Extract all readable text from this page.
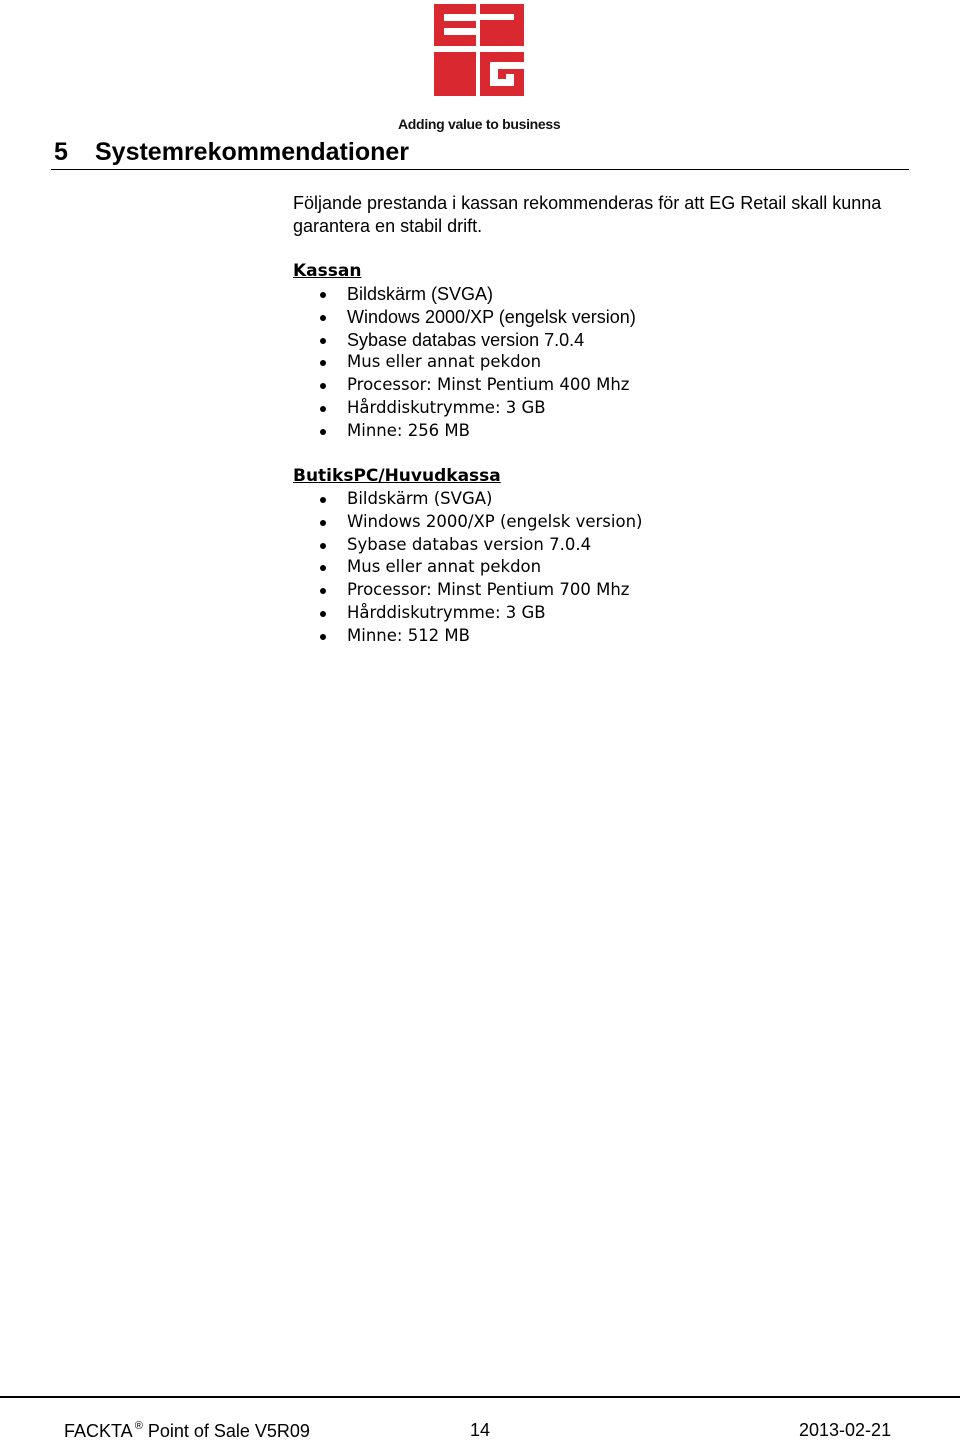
Adding value to business
5 Systemrekommendationer

Följande prestanda i kassan rekommenderas för att EG Retail skall kunna garantera en stabil drift.

Kassan

Bildskärm (SVGA)
Windows 2000/XP (engelsk version)
Sybase databas version 7.0.4
Mus eller annat pekdon
Processor: Minst Pentium 400 Mhz
Hårddiskutrymme: 3 GB
Minne: 256 MB

ButiksPC/Huvudkassa

Bildskärm (SVGA)
Windows 2000/XP (engelsk version)
Sybase databas version 7.0.4
Mus eller annat pekdon
Processor: Minst Pentium 700 Mhz
Hårddiskutrymme: 3 GB
Minne: 512 MB
FACKTA ® Point of Sale V5R09	14	2013-02-21
